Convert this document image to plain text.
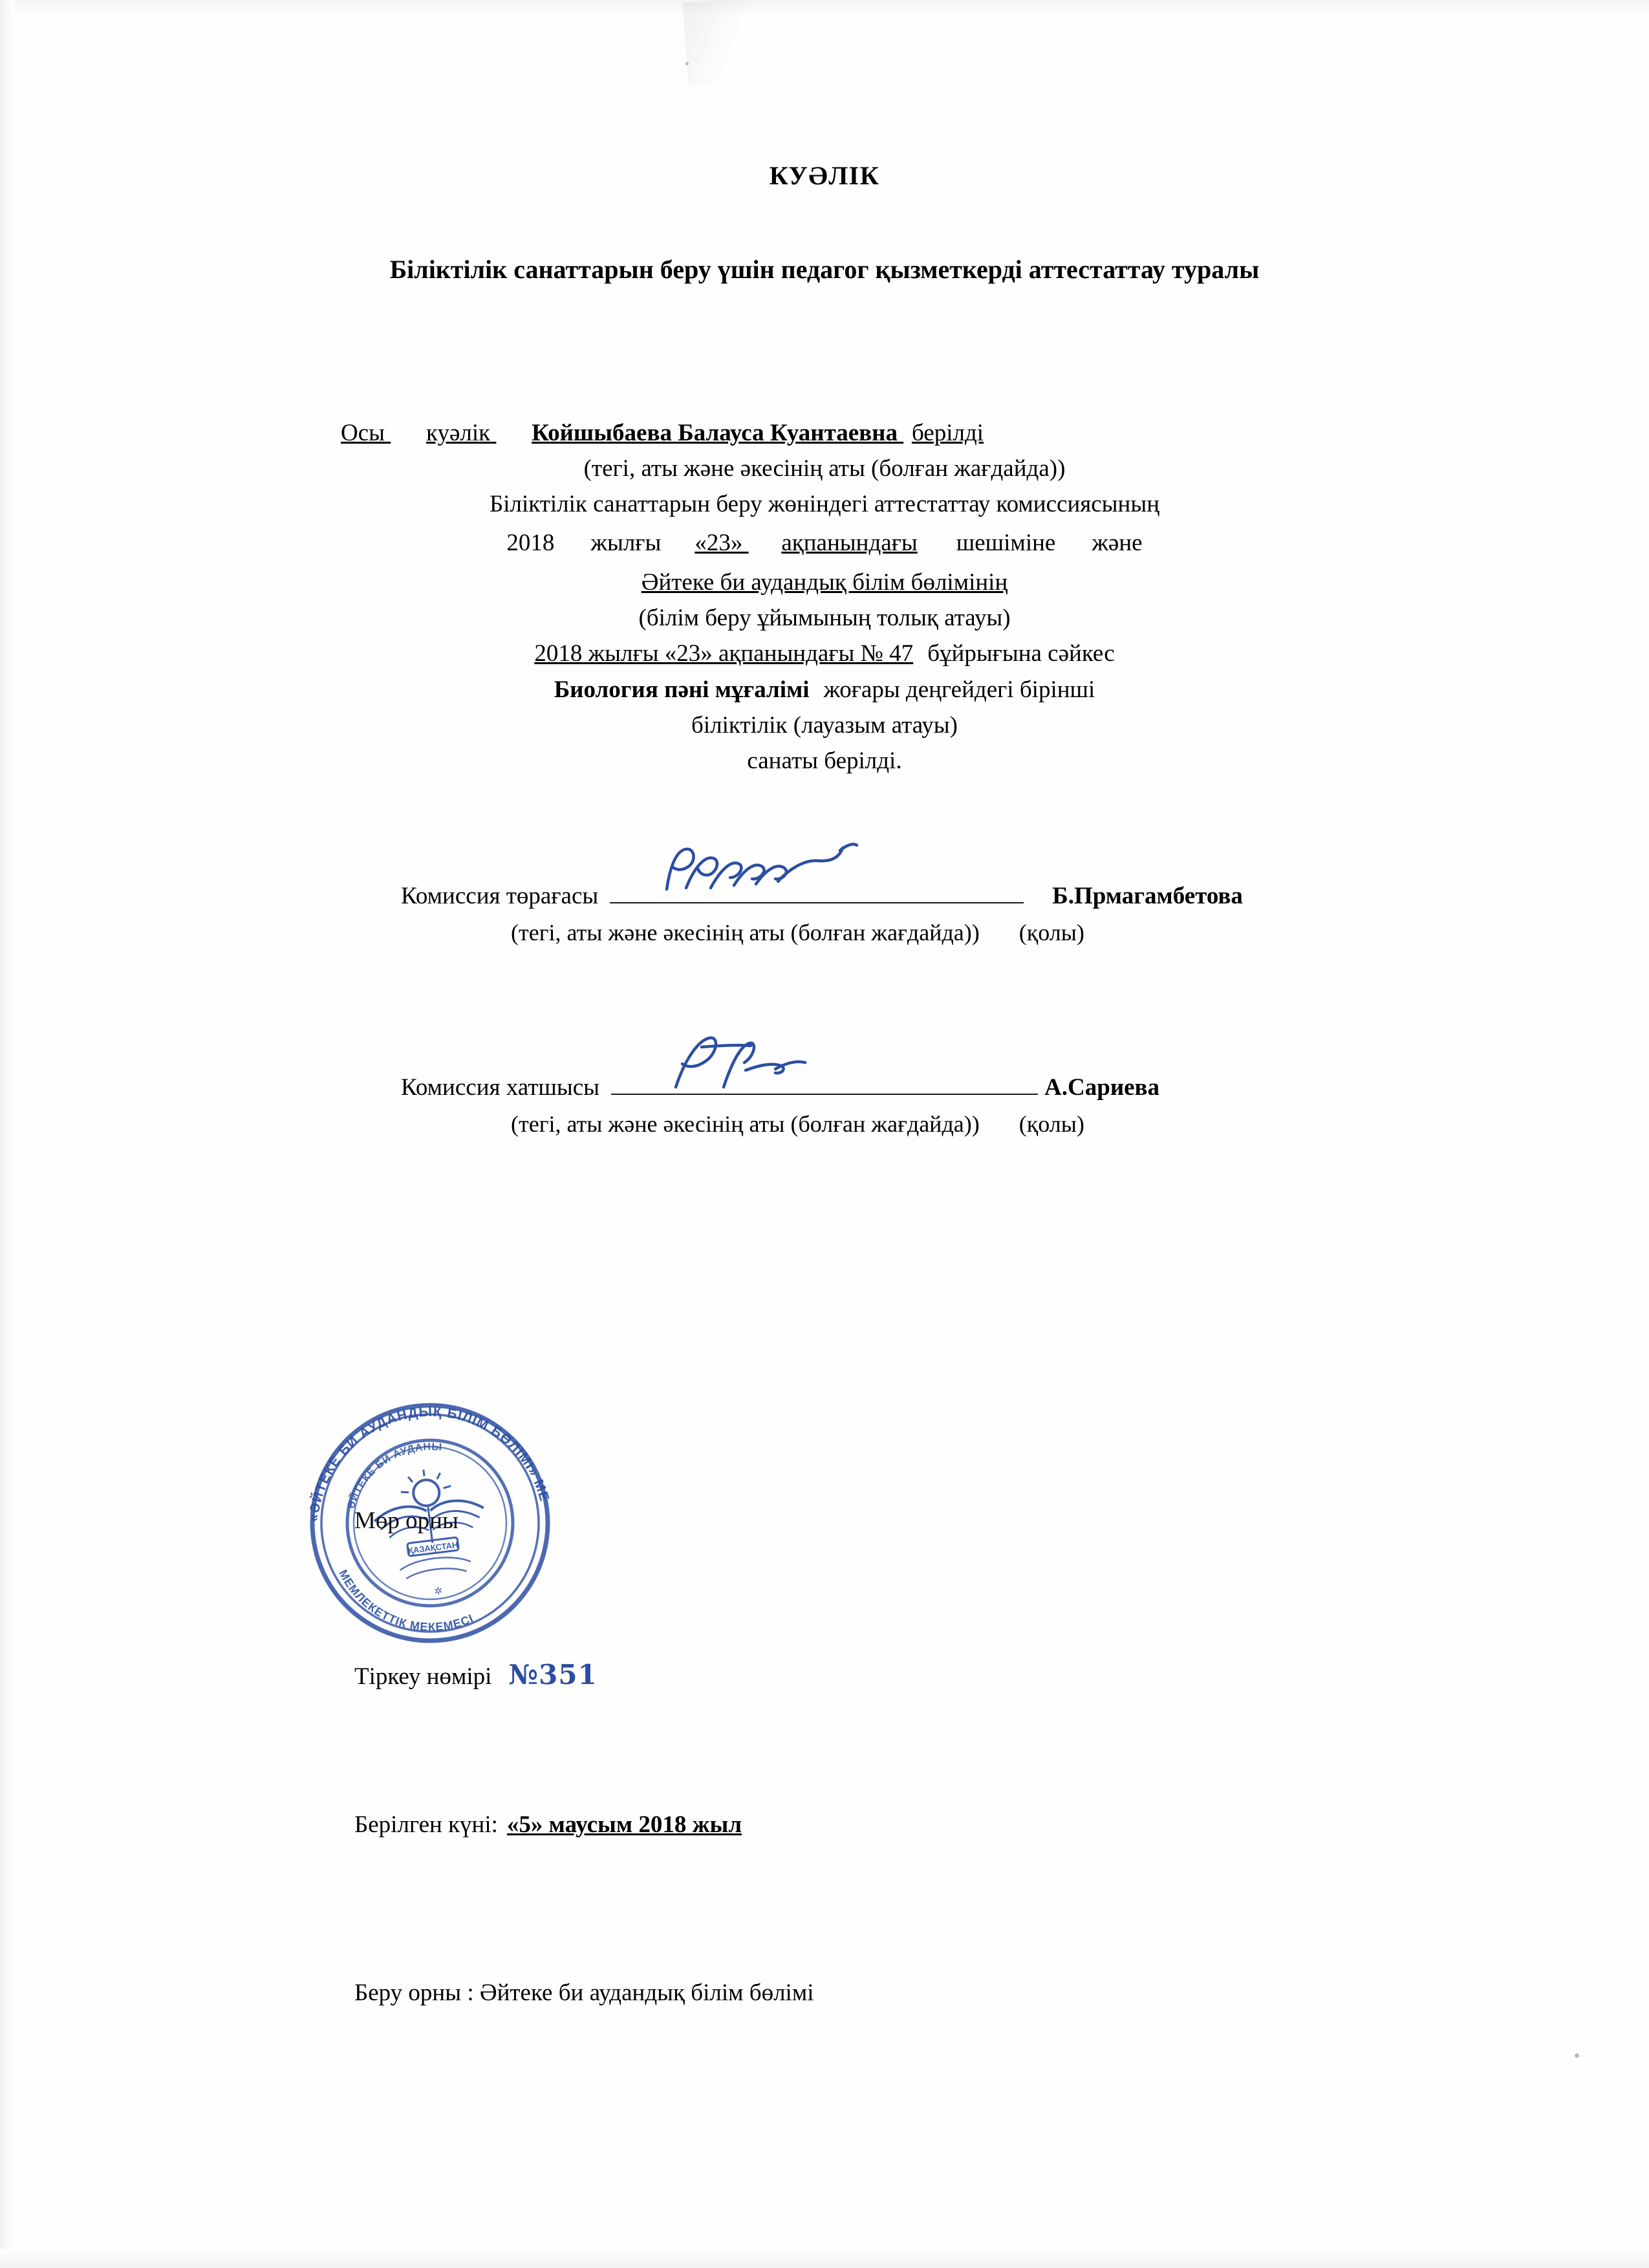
КУӘЛІК
Біліктілік санаттарын беру үшін педагог қызметкерді аттестаттау туралы
Осы
куәлік
Койшыбаева Балауса Куантаевна
берілді
(тегі, аты және әкесінің аты (болған жағдайда))
Біліктілік санаттарын беру жөніндегі аттестаттау комиссиясының
2018
жылғы
«23»
ақпанындағы
шешіміне
және
Әйтеке би аудандық білім бөлімінің
(білім беру ұйымының толық атауы)
2018 жылғы «23» ақпанындағы № 47
бұйрығына сәйкес
Биология пәні мұғалімі
жоғары деңгейдегі бірінші
біліктілік (лауазым атауы)
санаты берілді.
Комиссия төрағасы	Б.Прмагамбетова
(тегі, аты және әкесінің аты (болған жағдайда)) (қолы)
Комиссия хатшысы	А.Сариева
(тегі, аты және әкесінің аты (болған жағдайда)) (қолы)
«ӘЙТЕКЕ БИ АУДАНДЫҚ БІЛІМ БӨЛІМІ» МЕ
МЕМЛЕКЕТТІК МЕКЕМЕСІ
ӘЙТЕКЕ БИ АУДАНЫ
ҚАЗАҚСТАН
✲
Мөр орны
Тіркеу нөмірі №351
Берілген күні: «5» маусым 2018 жыл
Беру орны : Әйтеке би аудандық білім бөлімі
